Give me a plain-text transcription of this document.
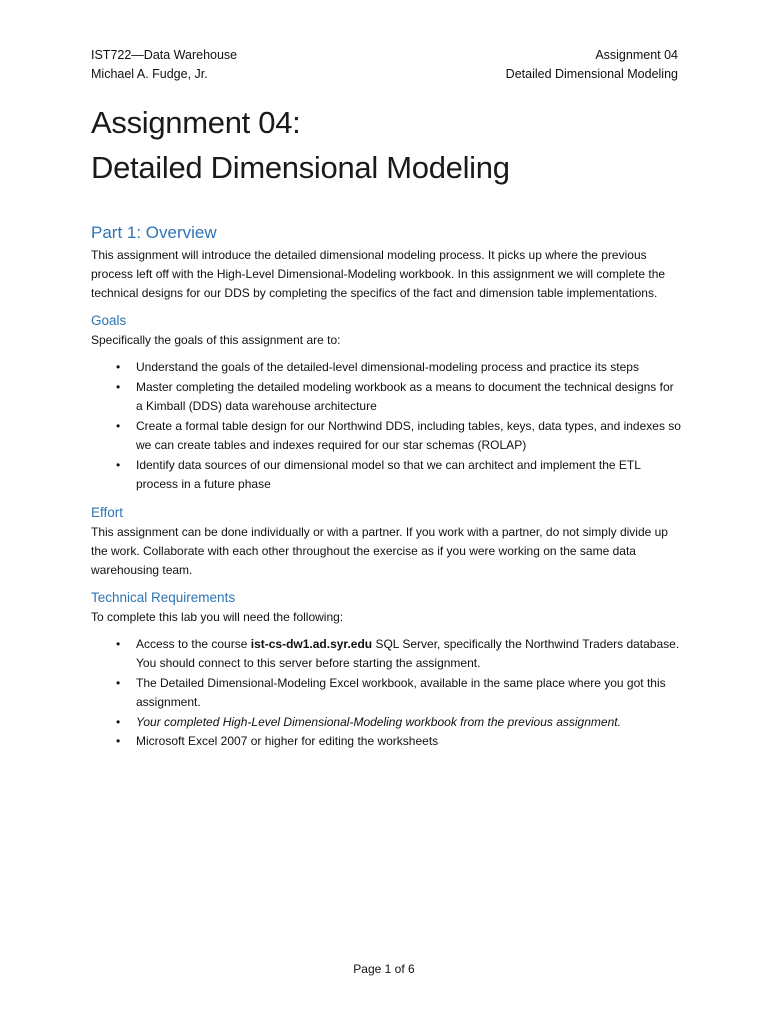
IST722—Data Warehouse
Michael A. Fudge, Jr.
Assignment 04
Detailed Dimensional Modeling
Assignment 04:
Detailed Dimensional Modeling
Part 1: Overview

This assignment will introduce the detailed dimensional modeling process. It picks up where the previous process left off with the High-Level Dimensional-Modeling workbook. In this assignment we will complete the technical designs for our DDS by completing the specifics of the fact and dimension table implementations.

Goals

Specifically the goals of this assignment are to:

• Understand the goals of the detailed-level dimensional-modeling process and practice its steps
• Master completing the detailed modeling workbook as a means to document the technical designs for a Kimball (DDS) data warehouse architecture
• Create a formal table design for our Northwind DDS, including tables, keys, data types, and indexes so we can create tables and indexes required for our star schemas (ROLAP)
• Identify data sources of our dimensional model so that we can architect and implement the ETL process in a future phase
Effort

This assignment can be done individually or with a partner. If you work with a partner, do not simply divide up the work. Collaborate with each other throughout the exercise as if you were working on the same data warehousing team.

Technical Requirements

To complete this lab you will need the following:

• Access to the course ist-cs-dw1.ad.syr.edu SQL Server, specifically the Northwind Traders database. You should connect to this server before starting the assignment.
• The Detailed Dimensional-Modeling Excel workbook, available in the same place where you got this assignment.
• Your completed High-Level Dimensional-Modeling workbook from the previous assignment.
• Microsoft Excel 2007 or higher for editing the worksheets
Page 1 of 6
